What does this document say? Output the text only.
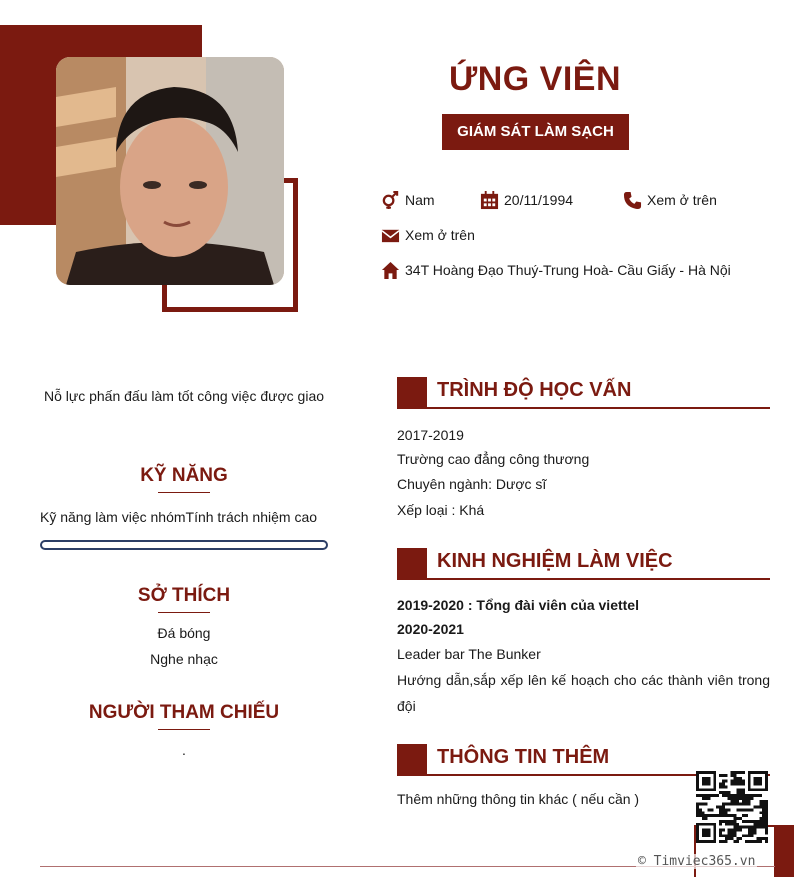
ỨNG VIÊN
GIÁM SÁT LÀM SẠCH
Nam	20/11/1994	Xem ở trên
Xem ở trên
34T Hoàng Đạo Thuý-Trung Hoà- Cầu Giấy - Hà Nội
Nỗ lực phấn đấu làm tốt công việc được giao
KỸ NĂNG
Kỹ năng làm việc nhómTính trách nhiệm cao
SỞ THÍCH
Đá bóng
Nghe nhạc
NGƯỜI THAM CHIẾU
.
TRÌNH ĐỘ HỌC VẤN
2017-2019
Trường cao đẳng công thương
Chuyên ngành: Dược sĩ
Xếp loại : Khá
KINH NGHIỆM LÀM VIỆC
2019-2020 : Tổng đài viên của viettel
2020-2021
Leader bar The Bunker
Hướng dẫn,sắp xếp lên kế hoạch cho các thành viên trong đội
THÔNG TIN THÊM
Thêm những thông tin khác ( nếu cần )
© Timviec365.vn
